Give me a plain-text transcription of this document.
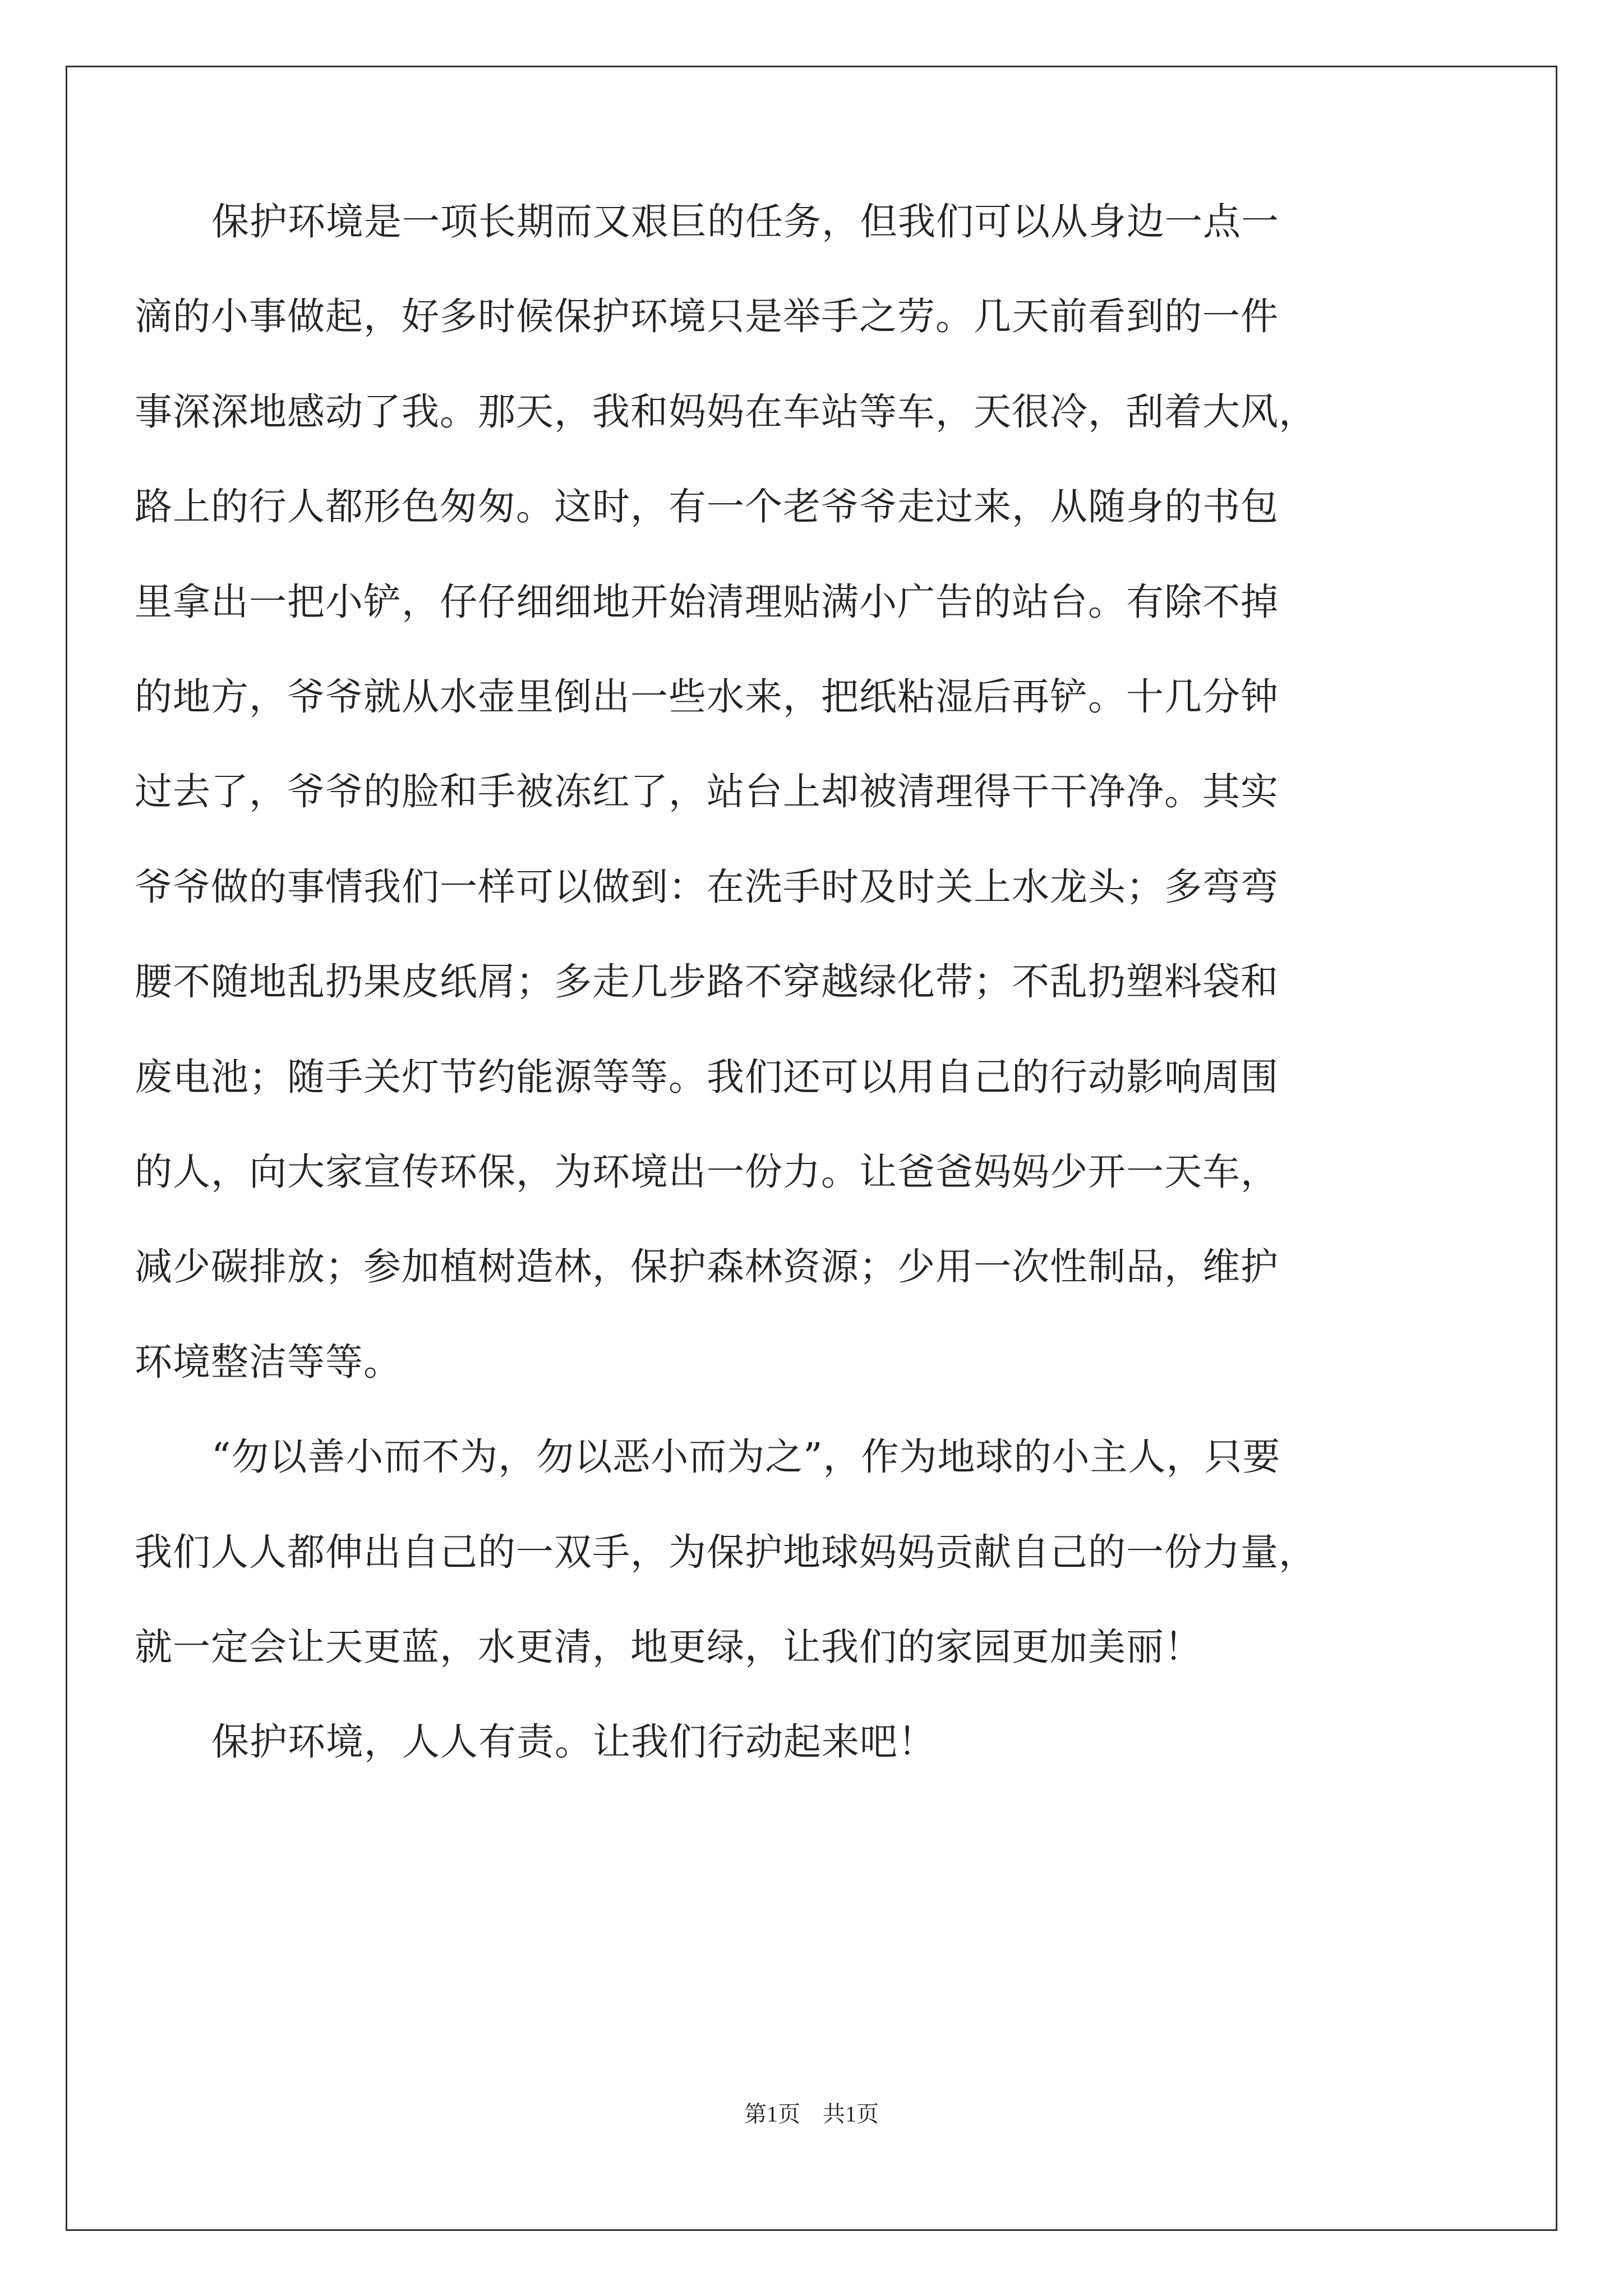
保护环境是一项长期而又艰巨的任务，但我们可以从身边一点一
滴的小事做起，好多时候保护环境只是举手之劳。几天前看到的一件
事深深地感动了我。那天，我和妈妈在车站等车，天很冷，刮着大风，
路上的行人都形色匆匆。这时，有一个老爷爷走过来，从随身的书包
里拿出一把小铲，仔仔细细地开始清理贴满小广告的站台。有除不掉
的地方，爷爷就从水壶里倒出一些水来，把纸粘湿后再铲。十几分钟
过去了，爷爷的脸和手被冻红了，站台上却被清理得干干净净。其实
爷爷做的事情我们一样可以做到：在洗手时及时关上水龙头；多弯弯
腰不随地乱扔果皮纸屑；多走几步路不穿越绿化带；不乱扔塑料袋和
废电池；随手关灯节约能源等等。我们还可以用自己的行动影响周围
的人，向大家宣传环保，为环境出一份力。让爸爸妈妈少开一天车，
减少碳排放；参加植树造林，保护森林资源；少用一次性制品，维护
环境整洁等等。
“勿以善小而不为，勿以恶小而为之”，作为地球的小主人，只要
我们人人都伸出自己的一双手，为保护地球妈妈贡献自己的一份力量，
就一定会让天更蓝，水更清，地更绿，让我们的家园更加美丽！
保护环境，人人有责。让我们行动起来吧！
第1页　共1页
